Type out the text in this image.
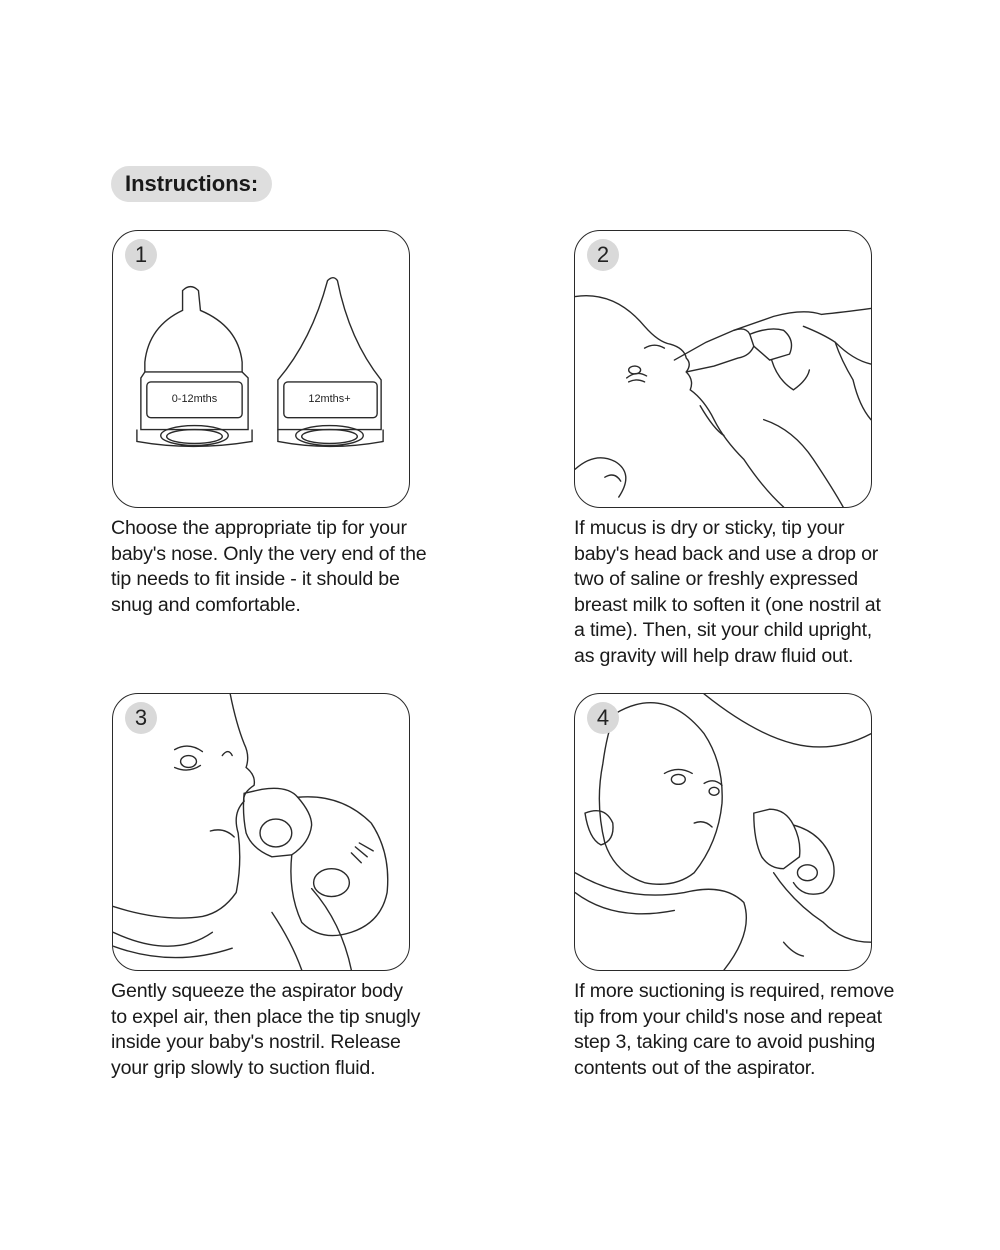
Instructions:
1
0-12mths	12mths+

Choose the appropriate tip for your
baby's nose. Only the very end of the
tip needs to fit inside - it should be
snug and comfortable.

2

If mucus is dry or sticky, tip your
baby's head back and use a drop or
two of saline or freshly expressed
breast milk to soften it (one nostril at
a time). Then, sit your child upright,
as gravity will help draw fluid out.

3

Gently squeeze the aspirator body
to expel air, then place the tip snugly
inside your baby's nostril. Release
your grip slowly to suction fluid.

4

If more suctioning is required, remove
tip from your child's nose and repeat
step 3, taking care to avoid pushing
contents out of the aspirator.
